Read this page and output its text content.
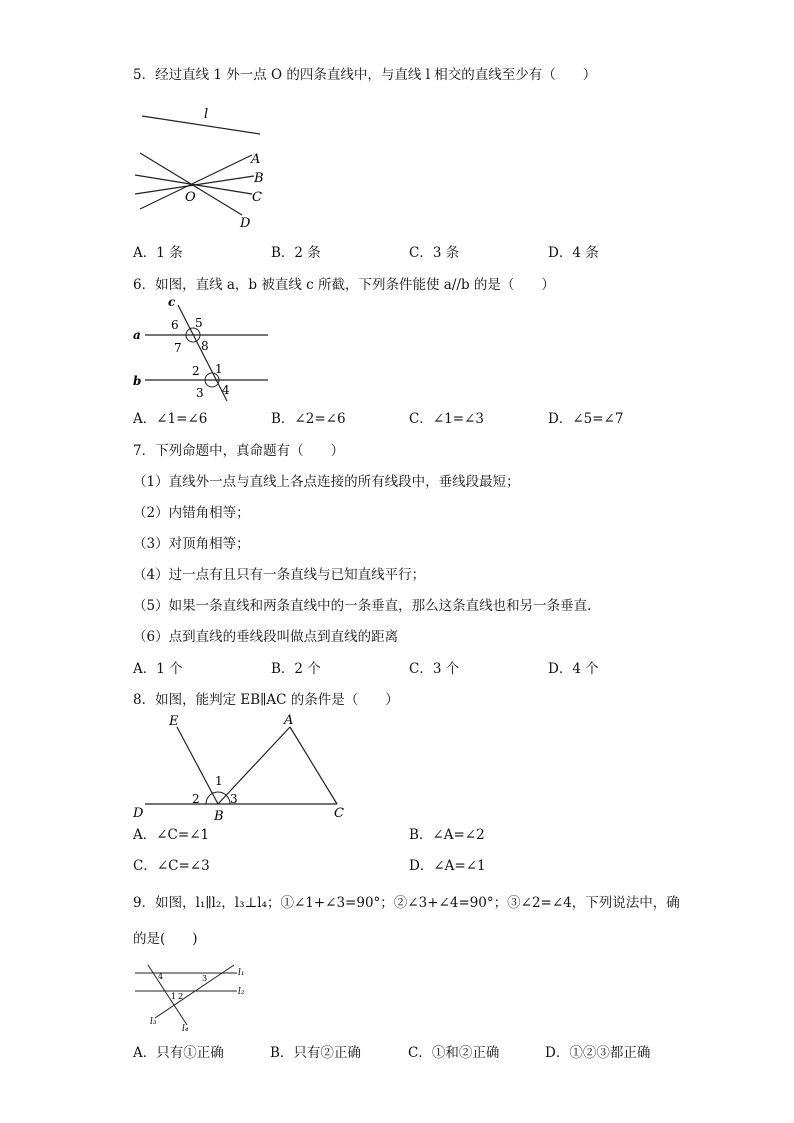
5．经过直线 1 外一点 O 的四条直线中，与直线 l 相交的直线至少有（　　）
l
A
B
C
O
D
A．1 条	B．2 条	C．3 条	D．4 条
6．如图，直线 a，b 被直线 c 所截，下列条件能使 a//b 的是（　　）
c
a
b
6 5
7 8
2 1
3 4
A．∠1=∠6	B．∠2=∠6	C．∠1=∠3	D．∠5=∠7
7．下列命题中，真命题有（　　）
（1）直线外一点与直线上各点连接的所有线段中，垂线段最短；
（2）内错角相等；
（3）对顶角相等；
（4）过一点有且只有一条直线与已知直线平行；
（5）如果一条直线和两条直线中的一条垂直，那么这条直线也和另一条垂直.
（6）点到直线的垂线段叫做点到直线的距离
A．1 个	B．2 个	C．3 个	D．4 个
8．如图，能判定 EB∥AC 的条件是（　　）
E	A
1
2	3
D	B	C
A．∠C=∠1	B．∠A=∠2
C．∠C=∠3	D．∠A=∠1
9．如图，l₁∥l₂，l₃⊥l₄；①∠1+∠3=90°；②∠3+∠4=90°；③∠2=∠4，下列说法中，确
的是(　　)
4	3
1 2
l₁
l₂
l₃
l₄
A．只有①正确	B．只有②正确	C．①和②正确	D．①②③都正确
